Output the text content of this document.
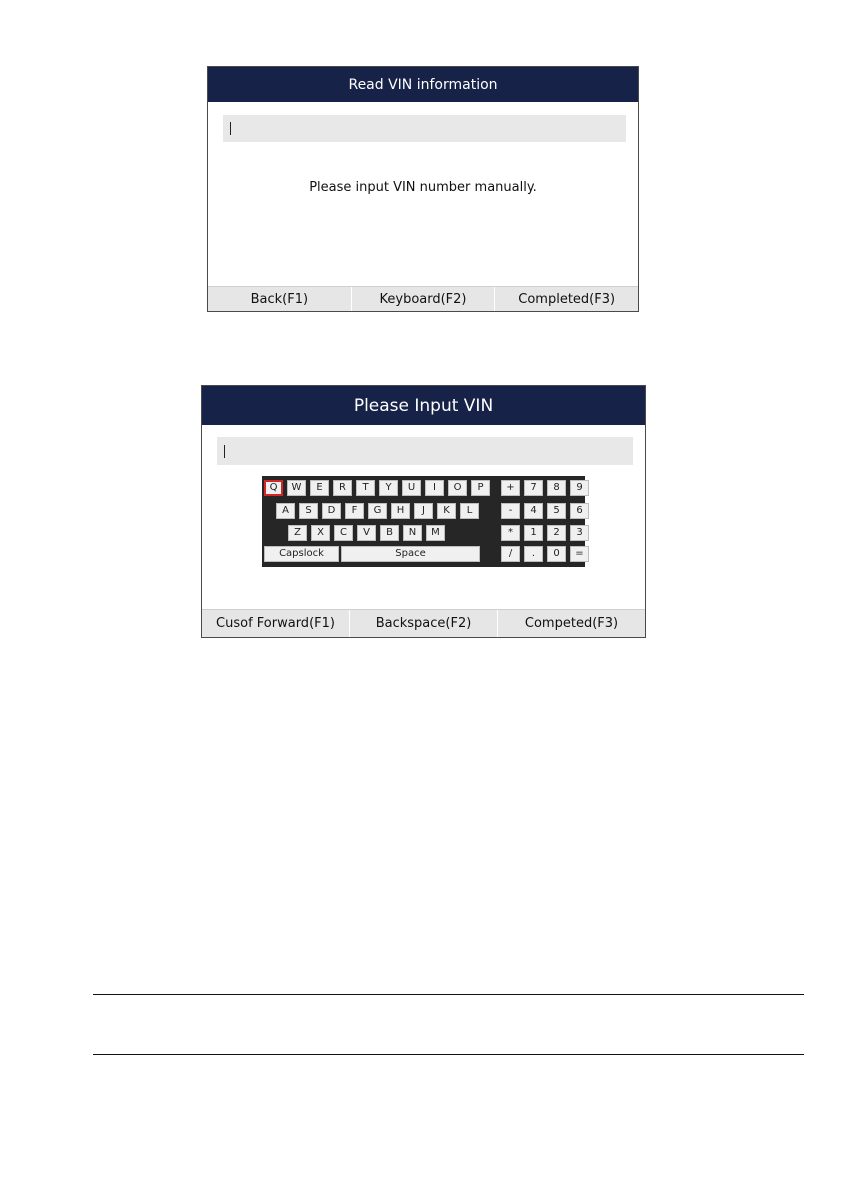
Read VIN information
Please input VIN number manually.
Back(F1)	Keyboard(F2)	Completed(F3)
Please Input VIN
Q	W	E	R	T	Y	U	I	O	P
A	S	D	F	G	H	J	K	L
Z	X	C	V	B	N	M
Capslock	Space
+	7	8	9
-	4	5	6
*	1	2	3
/	.	0	=
Cusof Forward(F1)	Backspace(F2)	Competed(F3)
